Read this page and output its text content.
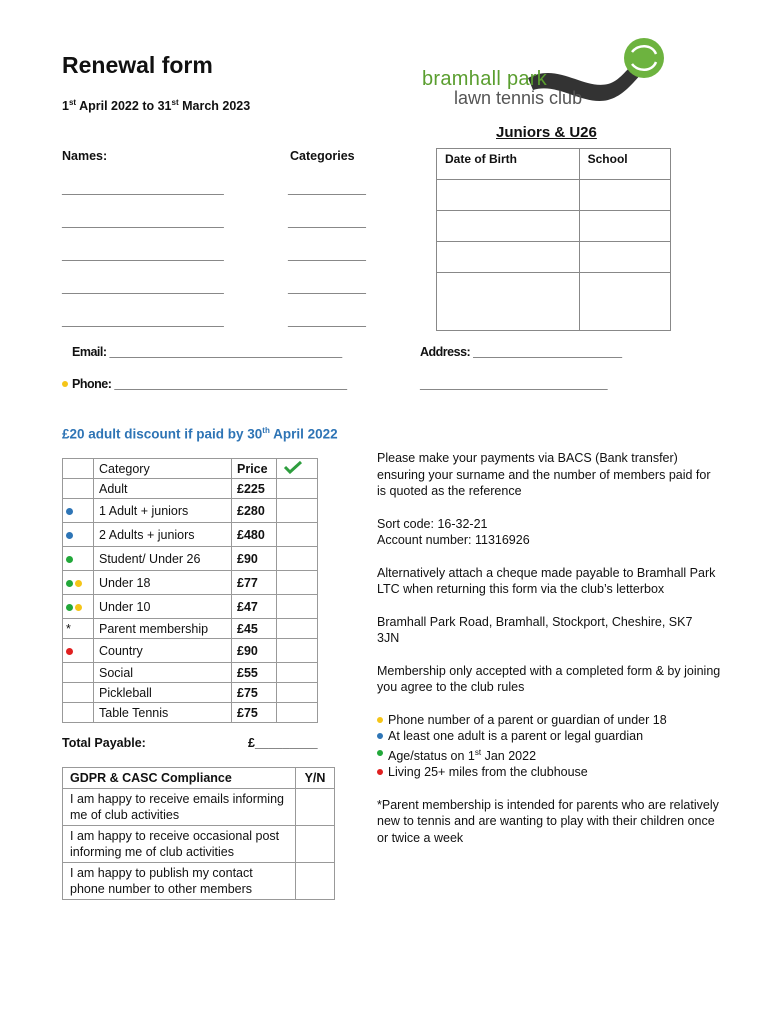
Renewal form
1st April 2022 to 31st March 2023
bramhall park
lawn tennis club
Names:	Categories
_________________________	____________
_________________________	____________
_________________________	____________
_________________________	____________
_________________________	____________
Juniors & U26
Date of Birth	School

Email: ____________________________________	Address: _______________________
Phone: ____________________________________	_____________________________
£20 adult discount if paid by 30th April 2022
	Category	Price	
	Adult	£225	
	1 Adult + juniors	£280	
	2 Adults + juniors	£480	
	Student/ Under 26	£90	
	Under 18	£77	
	Under 10	£47	
*	Parent membership	£45	
	Country	£90	
	Social	£55	
	Pickleball	£75	
	Table Tennis	£75	
Total Payable:	£_________
GDPR & CASC Compliance	Y/N
I am happy to receive emails informing me of club activities	
I am happy to receive occasional post informing me of club activities	
I am happy to publish my contact phone number to other members	

Please make your payments via BACS (Bank transfer) ensuring your surname and the number of members paid for is quoted as the reference

Sort code: 16-32-21

Account number: 11316926

Alternatively attach a cheque made payable to Bramhall Park LTC when returning this form via the club’s letterbox

Bramhall Park Road, Bramhall, Stockport, Cheshire, SK7 3JN

Membership only accepted with a completed form & by joining you agree to the club rules

Phone number of a parent or guardian of under 18
At least one adult is a parent or legal guardian
Age/status on 1st Jan 2022
Living 25+ miles from the clubhouse

*Parent membership is intended for parents who are relatively new to tennis and are wanting to play with their children once or twice a week
